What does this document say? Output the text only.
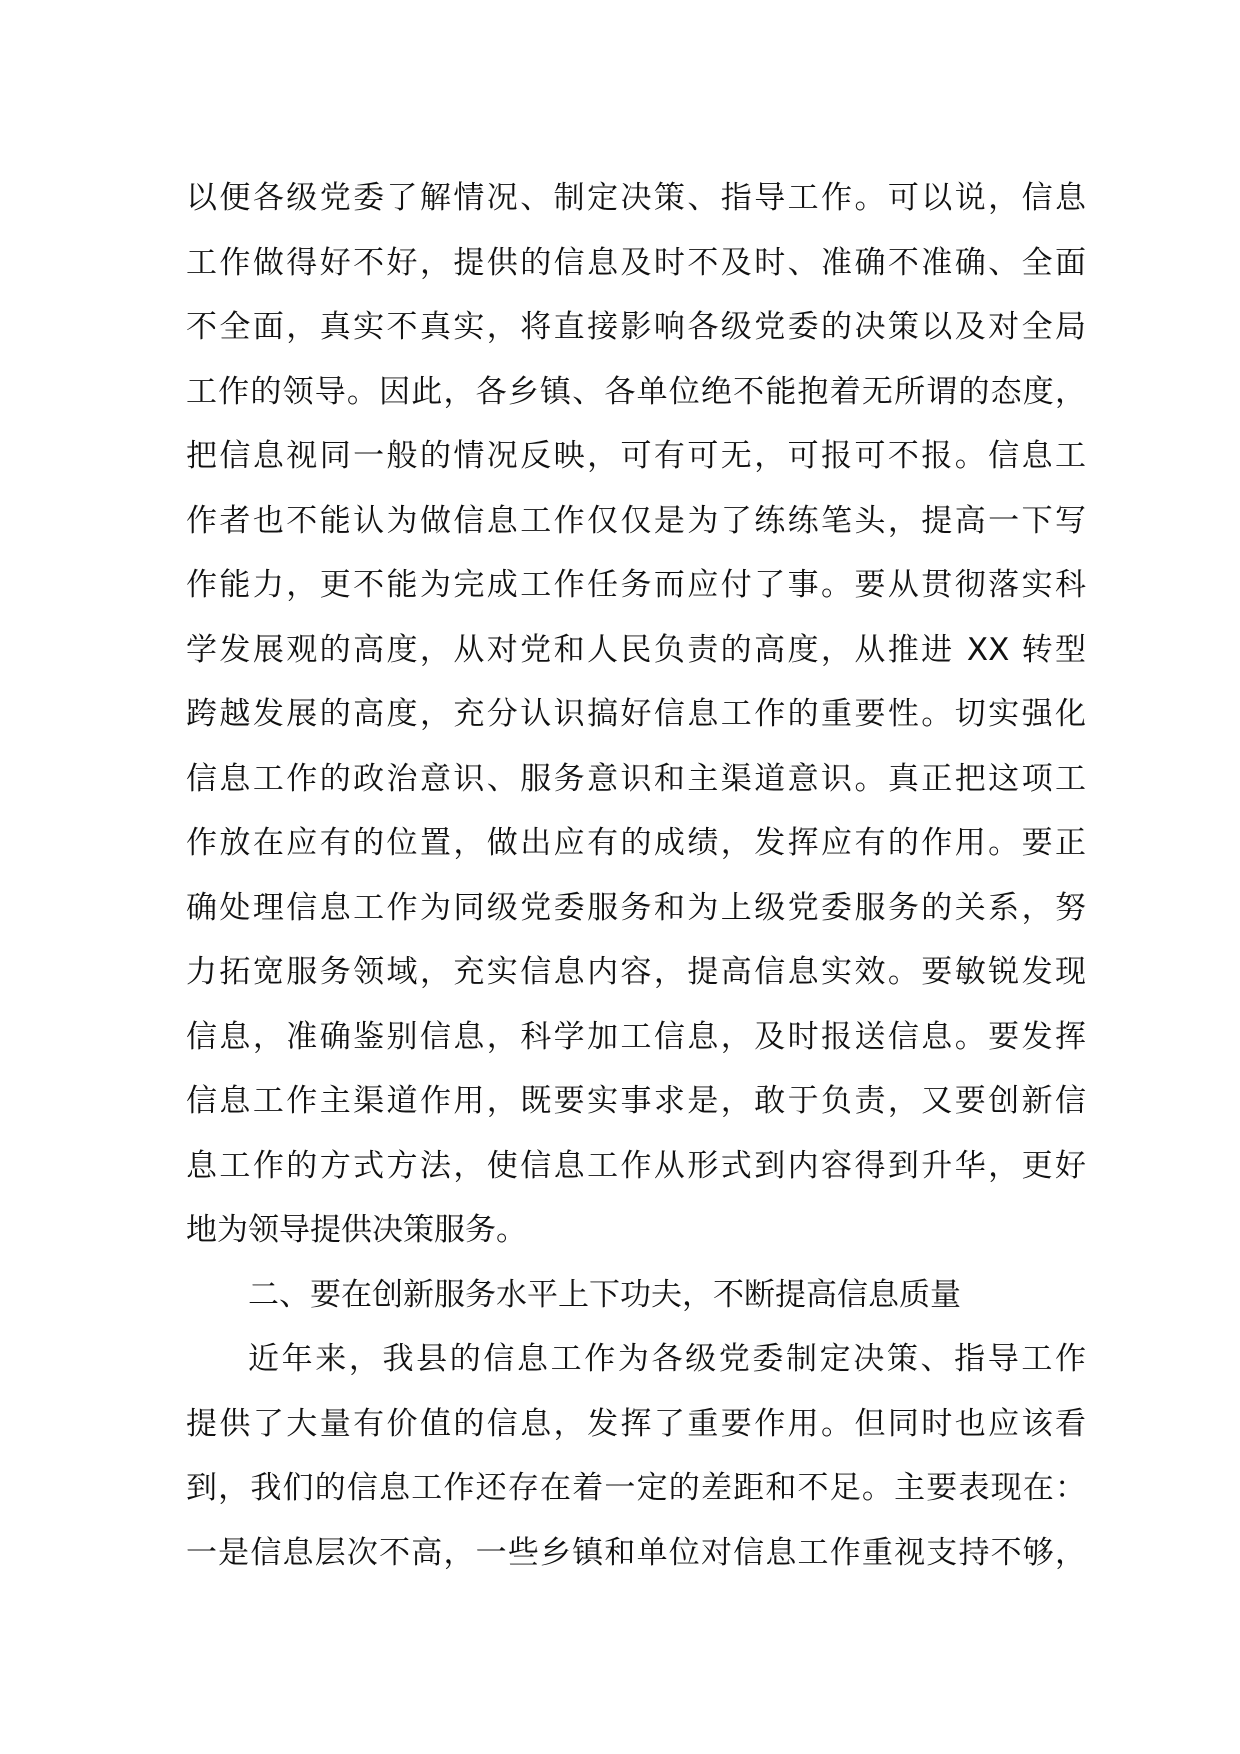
以便各级党委了解情况、制定决策、指导工作。可以说，信息
工作做得好不好，提供的信息及时不及时、准确不准确、全面
不全面，真实不真实，将直接影响各级党委的决策以及对全局
工作的领导。因此，各乡镇、各单位绝不能抱着无所谓的态度，
把信息视同一般的情况反映，可有可无，可报可不报。信息工
作者也不能认为做信息工作仅仅是为了练练笔头，提高一下写
作能力，更不能为完成工作任务而应付了事。要从贯彻落实科
学发展观的高度，从对党和人民负责的高度，从推进 XX 转型
跨越发展的高度，充分认识搞好信息工作的重要性。切实强化
信息工作的政治意识、服务意识和主渠道意识。真正把这项工
作放在应有的位置，做出应有的成绩，发挥应有的作用。要正
确处理信息工作为同级党委服务和为上级党委服务的关系，努
力拓宽服务领域，充实信息内容，提高信息实效。要敏锐发现
信息，准确鉴别信息，科学加工信息，及时报送信息。要发挥
信息工作主渠道作用，既要实事求是，敢于负责，又要创新信
息工作的方式方法，使信息工作从形式到内容得到升华，更好
地为领导提供决策服务。
二、要在创新服务水平上下功夫，不断提高信息质量
近年来，我县的信息工作为各级党委制定决策、指导工作
提供了大量有价值的信息，发挥了重要作用。但同时也应该看
到，我们的信息工作还存在着一定的差距和不足。主要表现在：
一是信息层次不高，一些乡镇和单位对信息工作重视支持不够，
